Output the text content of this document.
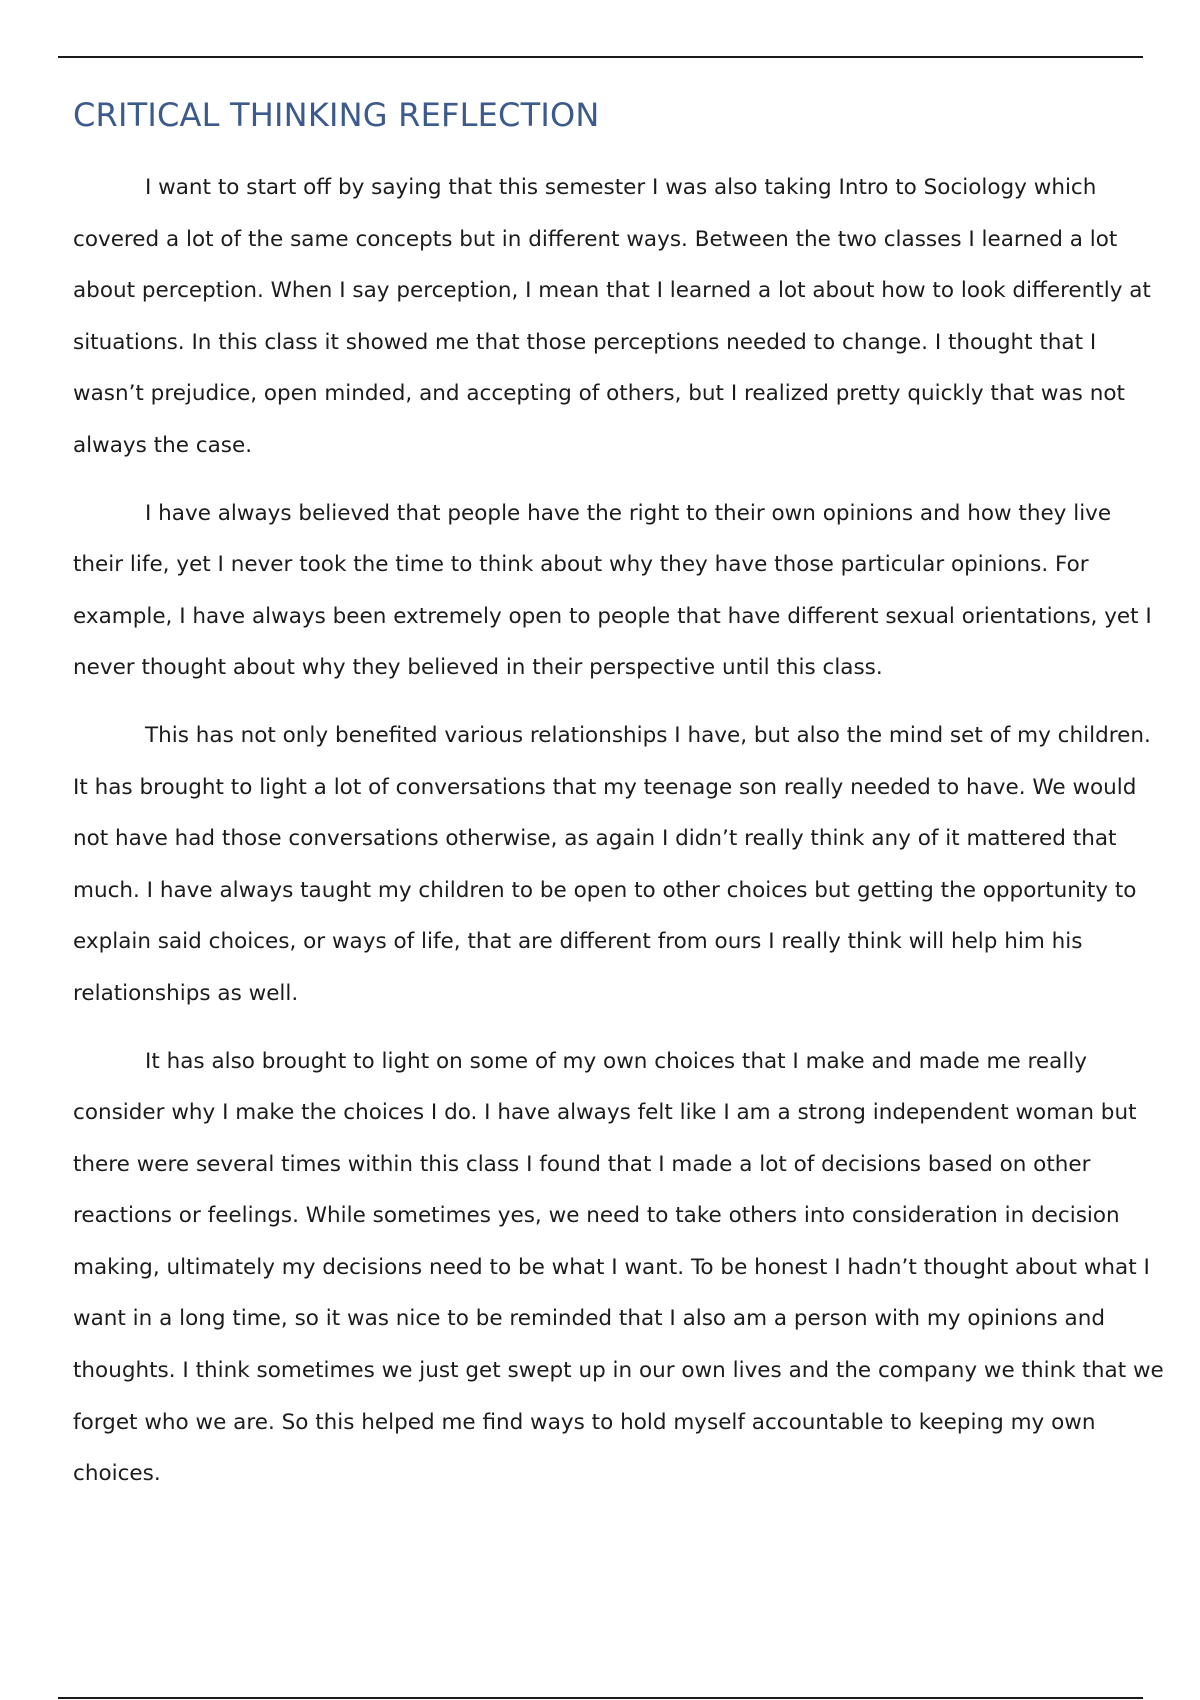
CRITICAL THINKING REFLECTION

I want to start off by saying that this semester I was also taking Intro to Sociology which covered a lot of the same concepts but in different ways. Between the two classes I learned a lot about perception. When I say perception, I mean that I learned a lot about how to look differently at situations. In this class it showed me that those perceptions needed to change. I thought that I wasn’t prejudice, open minded, and accepting of others, but I realized pretty quickly that was not always the case.

I have always believed that people have the right to their own opinions and how they live their life, yet I never took the time to think about why they have those particular opinions. For example, I have always been extremely open to people that have different sexual orientations, yet I never thought about why they believed in their perspective until this class.

This has not only benefited various relationships I have, but also the mind set of my children. It has brought to light a lot of conversations that my teenage son really needed to have. We would not have had those conversations otherwise, as again I didn’t really think any of it mattered that much. I have always taught my children to be open to other choices but getting the opportunity to explain said choices, or ways of life, that are different from ours I really think will help him his relationships as well.

It has also brought to light on some of my own choices that I make and made me really consider why I make the choices I do. I have always felt like I am a strong independent woman but there were several times within this class I found that I made a lot of decisions based on other reactions or feelings. While sometimes yes, we need to take others into consideration in decision making, ultimately my decisions need to be what I want. To be honest I hadn’t thought about what I want in a long time, so it was nice to be reminded that I also am a person with my opinions and thoughts. I think sometimes we just get swept up in our own lives and the company we think that we forget who we are. So this helped me find ways to hold myself accountable to keeping my own choices.
